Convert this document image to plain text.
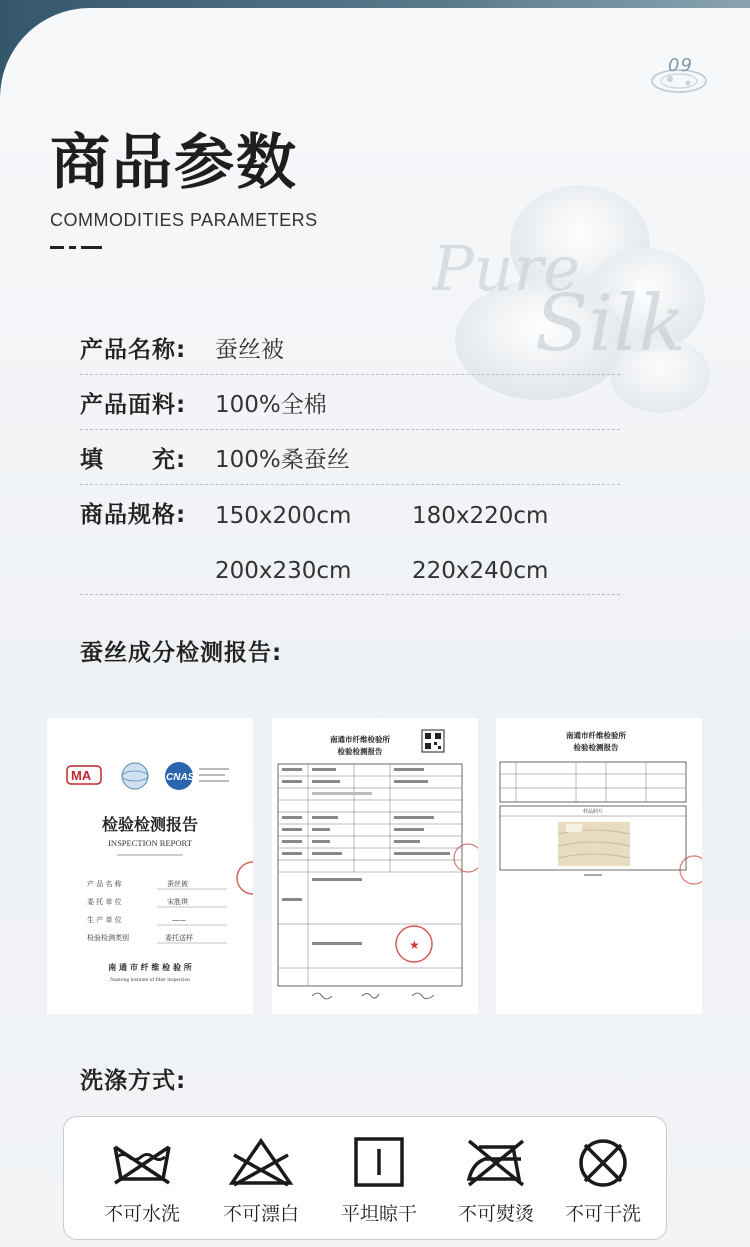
09
Pure
Silk
商品参数
COMMODITIES PARAMETERS
产品名称: 蚕丝被
产品面料: 100%全棉
填　　充: 100%桑蚕丝
商品规格: 150x200cm	180x220cm
200x230cm	220x240cm
蚕丝成分检测报告:
MA	CNAS
检验检测报告
INSPECTION REPORT
产 品 名 称	蚕丝被
委 托 单 位	宋胜琪
生 产 单 位	——
检验检测类别	委托送样
南 通 市 纤 维 检 验 所
Nantong institute of fiber inspection
南通市纤维检验所
检验检测报告
★
南通市纤维检验所
检验检测报告
样品照片
洗涤方式:
不可水洗	不可漂白	平坦晾干	不可熨烫	不可干洗
